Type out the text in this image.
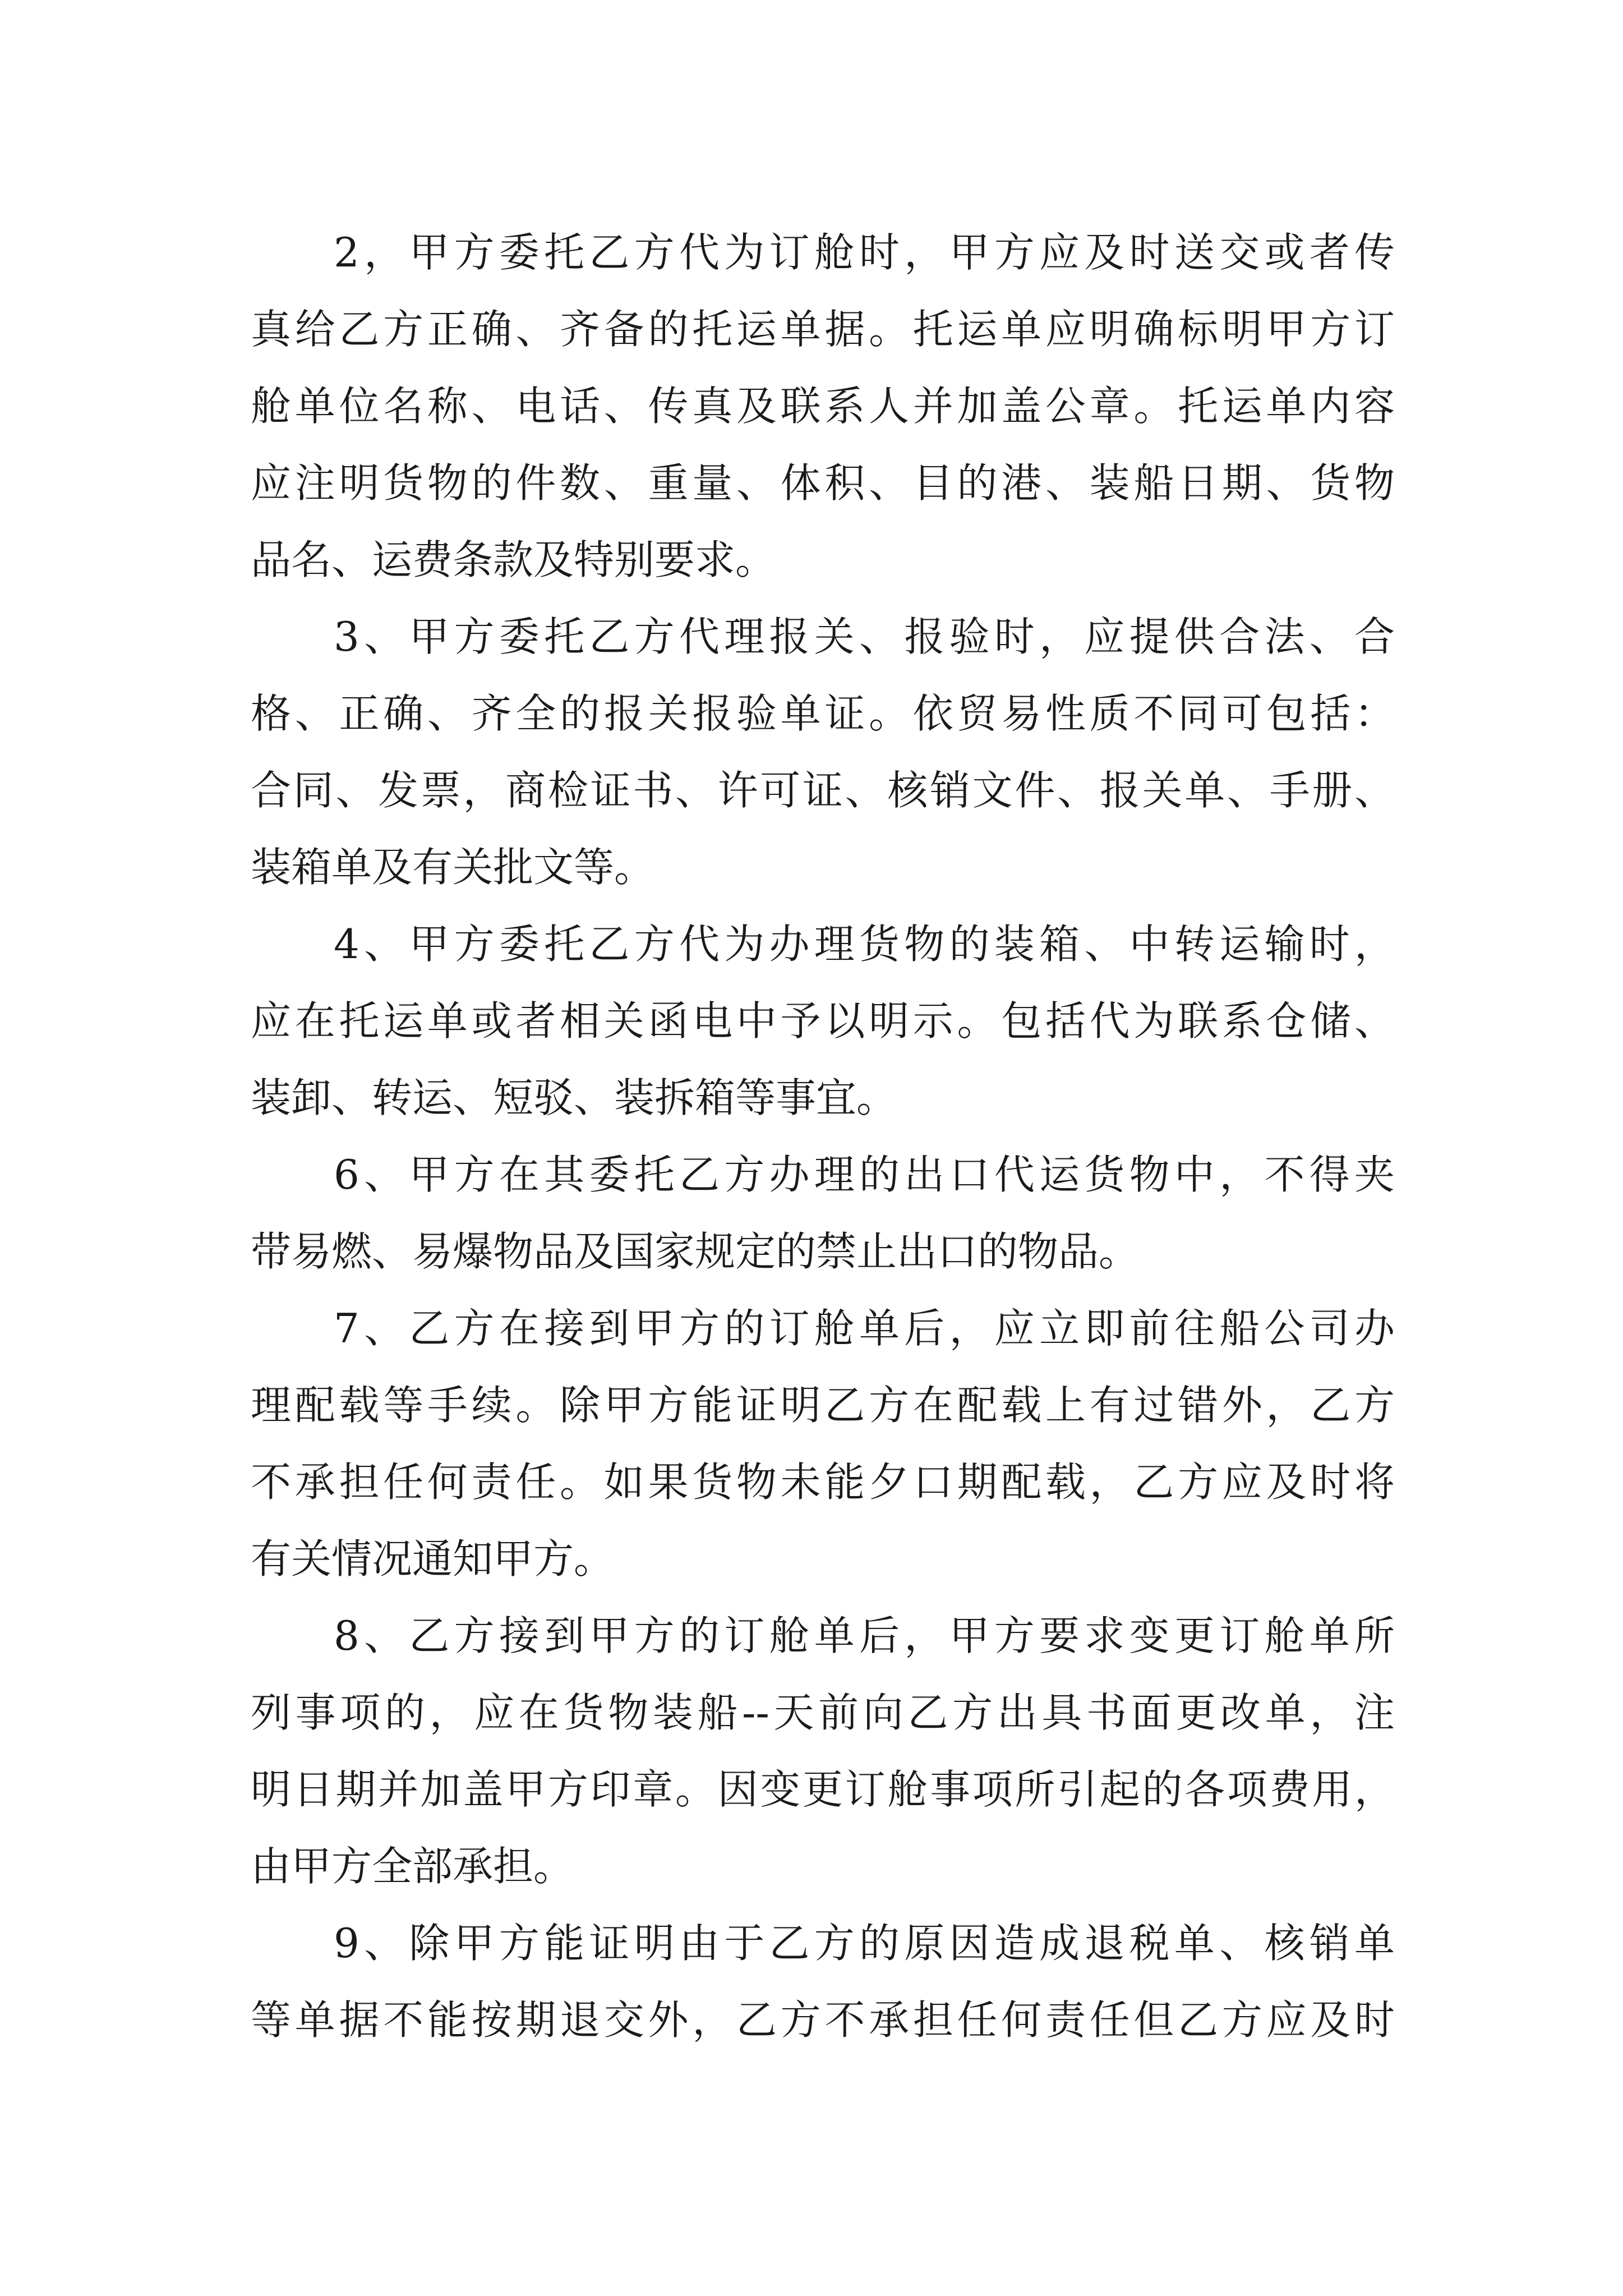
2，甲方委托乙方代为订舱时，甲方应及时送交或者传
真给乙方正确、齐备的托运单据。托运单应明确标明甲方订
舱单位名称、电话、传真及联系人并加盖公章。托运单内容
应注明货物的件数、重量、体积、目的港、装船日期、货物
品名、运费条款及特别要求。
3、甲方委托乙方代理报关、报验时，应提供合法、合
格、正确、齐全的报关报验单证。依贸易性质不同可包括：
合同、发票，商检证书、许可证、核销文件、报关单、手册、
装箱单及有关批文等。
4、甲方委托乙方代为办理货物的装箱、中转运输时，
应在托运单或者相关函电中予以明示。包括代为联系仓储、
装卸、转运、短驳、装拆箱等事宜。
6、甲方在其委托乙方办理的出口代运货物中，不得夹
带易燃、易爆物品及国家规定的禁止出口的物品。
7、乙方在接到甲方的订舱单后，应立即前往船公司办
理配载等手续。除甲方能证明乙方在配载上有过错外，乙方
不承担任何责任。如果货物未能夕口期配载，乙方应及时将
有关情况通知甲方。
8、乙方接到甲方的订舱单后，甲方要求变更订舱单所
列事项的，应在货物装船--天前向乙方出具书面更改单，注
明日期并加盖甲方印章。因变更订舱事项所引起的各项费用，
由甲方全部承担。
9、除甲方能证明由于乙方的原因造成退税单、核销单
等单据不能按期退交外，乙方不承担任何责任但乙方应及时
